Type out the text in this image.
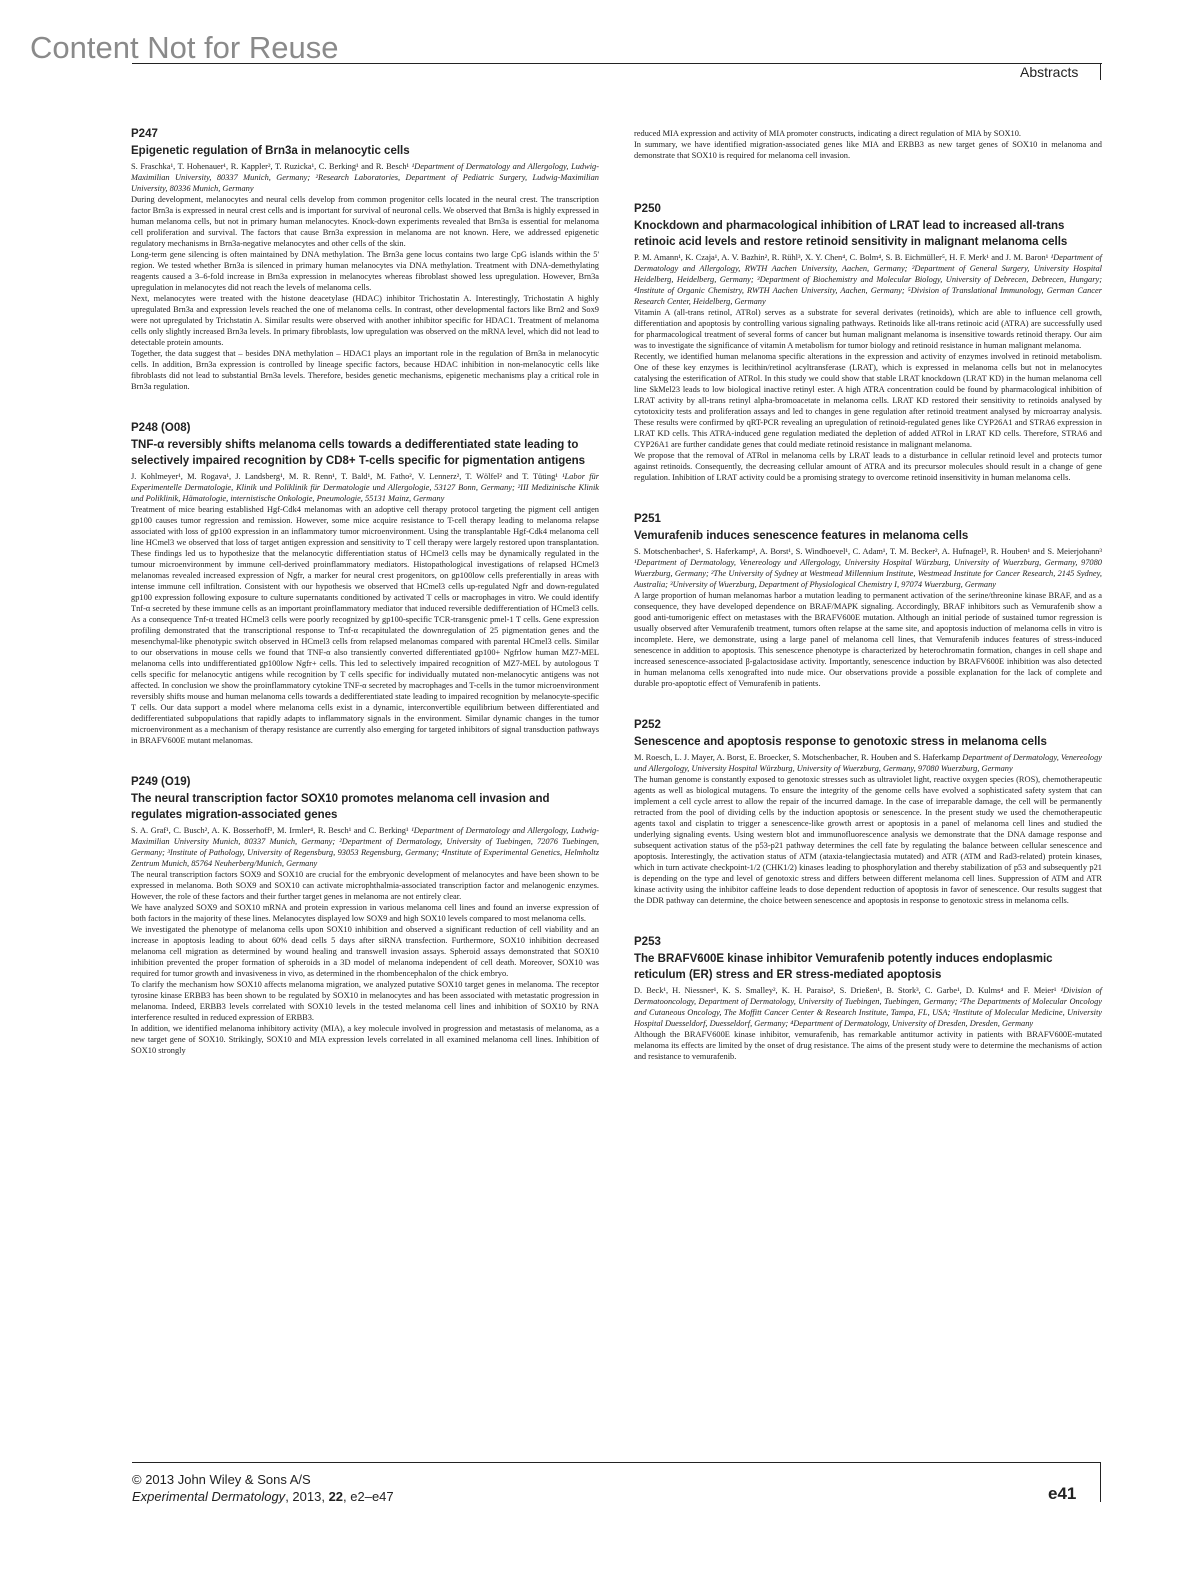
Content Not for Reuse
Abstracts
P247
Epigenetic regulation of Brn3a in melanocytic cells

S. Fraschka¹, T. Hohenauer¹, R. Kappler², T. Ruzicka¹, C. Berking¹ and R. Besch¹ ¹Department of Dermatology and Allergology, Ludwig-Maximilian University, 80337 Munich, Germany; ²Research Laboratories, Department of Pediatric Surgery, Ludwig-Maximilian University, 80336 Munich, Germany

During development, melanocytes and neural cells develop from common progenitor cells located in the neural crest. The transcription factor Brn3a is expressed in neural crest cells and is important for survival of neuronal cells. We observed that Brn3a is highly expressed in human melanoma cells, but not in primary human melanocytes. Knock-down experiments revealed that Brn3a is essential for melanoma cell proliferation and survival. The factors that cause Brn3a expression in melanoma are not known. Here, we addressed epigenetic regulatory mechanisms in Brn3a-negative melanocytes and other cells of the skin.

Long-term gene silencing is often maintained by DNA methylation. The Brn3a gene locus contains two large CpG islands within the 5' region. We tested whether Brn3a is silenced in primary human melanocytes via DNA methylation. Treatment with DNA-demethylating reagents caused a 3–6-fold increase in Brn3a expression in melanocytes whereas fibroblast showed less upregulation. However, Brn3a upregulation in melanocytes did not reach the levels of melanoma cells.

Next, melanocytes were treated with the histone deacetylase (HDAC) inhibitor Trichostatin A. Interestingly, Trichostatin A highly upregulated Brn3a and expression levels reached the one of melanoma cells. In contrast, other developmental factors like Brn2 and Sox9 were not upregulated by Trichstatin A. Similar results were observed with another inhibitor specific for HDAC1. Treatment of melanoma cells only slightly increased Brn3a levels. In primary fibroblasts, low upregulation was observed on the mRNA level, which did not lead to detectable protein amounts.

Together, the data suggest that – besides DNA methylation – HDAC1 plays an important role in the regulation of Brn3a in melanocytic cells. In addition, Brn3a expression is controlled by lineage specific factors, because HDAC inhibition in non-melanocytic cells like fibroblasts did not lead to substantial Brn3a levels. Therefore, besides genetic mechanisms, epigenetic mechanisms play a critical role in Brn3a regulation.

P248 (O08)
TNF-α reversibly shifts melanoma cells towards a dedifferentiated state leading to selectively impaired recognition by CD8+ T-cells specific for pigmentation antigens

J. Kohlmeyer¹, M. Rogava¹, J. Landsberg¹, M. R. Renn¹, T. Bald¹, M. Fatho², V. Lennerz², T. Wölfel² and T. Tüting¹ ¹Labor für Experimentelle Dermatologie, Klinik und Poliklinik für Dermatologie und Allergologie, 53127 Bonn, Germany; ²III Medizinische Klinik und Poliklinik, Hämatologie, internistische Onkologie, Pneumologie, 55131 Mainz, Germany

Treatment of mice bearing established Hgf-Cdk4 melanomas with an adoptive cell therapy protocol targeting the pigment cell antigen gp100 causes tumor regression and remission. However, some mice acquire resistance to T-cell therapy leading to melanoma relapse associated with loss of gp100 expression in an inflammatory tumor microenvironment. Using the transplantable Hgf-Cdk4 melanoma cell line HCmel3 we observed that loss of target antigen expression and sensitivity to T cell therapy were largely restored upon transplantation. These findings led us to hypothesize that the melanocytic differentiation status of HCmel3 cells may be dynamically regulated in the tumour microenvironment by immune cell-derived proinflammatory mediators. Histopathological investigations of relapsed HCmel3 melanomas revealed increased expression of Ngfr, a marker for neural crest progenitors, on gp100low cells preferentially in areas with intense immune cell infiltration. Consistent with our hypothesis we observed that HCmel3 cells up-regulated Ngfr and down-regulated gp100 expression following exposure to culture supernatants conditioned by activated T cells or macrophages in vitro. We could identify Tnf-α secreted by these immune cells as an important proinflammatory mediator that induced reversible dedifferentiation of HCmel3 cells. As a consequence Tnf-α treated HCmel3 cells were poorly recognized by gp100-specific TCR-transgenic pmel-1 T cells. Gene expression profiling demonstrated that the transcriptional response to Tnf-α recapitulated the downregulation of 25 pigmentation genes and the mesenchymal-like phenotypic switch observed in HCmel3 cells from relapsed melanomas compared with parental HCmel3 cells. Similar to our observations in mouse cells we found that TNF-α also transiently converted differentiated gp100+ Ngfrlow human MZ7-MEL melanoma cells into undifferentiated gp100low Ngfr+ cells. This led to selectively impaired recognition of MZ7-MEL by autologous T cells specific for melanocytic antigens while recognition by T cells specific for individually mutated non-melanocytic antigens was not affected. In conclusion we show the proinflammatory cytokine TNF-α secreted by macrophages and T-cells in the tumor microenvironment reversibly shifts mouse and human melanoma cells towards a dedifferentiated state leading to impaired recognition by melanocyte-specific T cells. Our data support a model where melanoma cells exist in a dynamic, interconvertible equilibrium between differentiated and dedifferentiated subpopulations that rapidly adapts to inflammatory signals in the environment. Similar dynamic changes in the tumor microenvironment as a mechanism of therapy resistance are currently also emerging for targeted inhibitors of signal transduction pathways in BRAFV600E mutant melanomas.

P249 (O19)
The neural transcription factor SOX10 promotes melanoma cell invasion and regulates migration-associated genes

S. A. Graf¹, C. Busch², A. K. Bosserhoff³, M. Irmler⁴, R. Besch¹ and C. Berking¹ ¹Department of Dermatology and Allergology, Ludwig-Maximilian University Munich, 80337 Munich, Germany; ²Department of Dermatology, University of Tuebingen, 72076 Tuebingen, Germany; ³Institute of Pathology, University of Regensburg, 93053 Regensburg, Germany; ⁴Institute of Experimental Genetics, Helmholtz Zentrum Munich, 85764 Neuherberg/Munich, Germany

The neural transcription factors SOX9 and SOX10 are crucial for the embryonic development of melanocytes and have been shown to be expressed in melanoma. Both SOX9 and SOX10 can activate microphthalmia-associated transcription factor and melanogenic enzymes. However, the role of these factors and their further target genes in melanoma are not entirely clear.

We have analyzed SOX9 and SOX10 mRNA and protein expression in various melanoma cell lines and found an inverse expression of both factors in the majority of these lines. Melanocytes displayed low SOX9 and high SOX10 levels compared to most melanoma cells.

We investigated the phenotype of melanoma cells upon SOX10 inhibition and observed a significant reduction of cell viability and an increase in apoptosis leading to about 60% dead cells 5 days after siRNA transfection. Furthermore, SOX10 inhibition decreased melanoma cell migration as determined by wound healing and transwell invasion assays. Spheroid assays demonstrated that SOX10 inhibition prevented the proper formation of spheroids in a 3D model of melanoma independent of cell death. Moreover, SOX10 was required for tumor growth and invasiveness in vivo, as determined in the rhombencephalon of the chick embryo.

To clarify the mechanism how SOX10 affects melanoma migration, we analyzed putative SOX10 target genes in melanoma. The receptor tyrosine kinase ERBB3 has been shown to be regulated by SOX10 in melanocytes and has been associated with metastatic progression in melanoma. Indeed, ERBB3 levels correlated with SOX10 levels in the tested melanoma cell lines and inhibition of SOX10 by RNA interference resulted in reduced expression of ERBB3.

In addition, we identified melanoma inhibitory activity (MIA), a key molecule involved in progression and metastasis of melanoma, as a new target gene of SOX10. Strikingly, SOX10 and MIA expression levels correlated in all examined melanoma cell lines. Inhibition of SOX10 strongly

reduced MIA expression and activity of MIA promoter constructs, indicating a direct regulation of MIA by SOX10.

In summary, we have identified migration-associated genes like MIA and ERBB3 as new target genes of SOX10 in melanoma and demonstrate that SOX10 is required for melanoma cell invasion.

P250
Knockdown and pharmacological inhibition of LRAT lead to increased all-trans retinoic acid levels and restore retinoid sensitivity in malignant melanoma cells

P. M. Amann¹, K. Czaja¹, A. V. Bazhin², R. Rühl³, X. Y. Chen⁴, C. Bolm⁴, S. B. Eichmüller⁵, H. F. Merk¹ and J. M. Baron¹ ¹Department of Dermatology and Allergology, RWTH Aachen University, Aachen, Germany; ²Department of General Surgery, University Hospital Heidelberg, Heidelberg, Germany; ³Department of Biochemistry and Molecular Biology, University of Debrecen, Debrecen, Hungary; ⁴Institute of Organic Chemistry, RWTH Aachen University, Aachen, Germany; ⁵Division of Translational Immunology, German Cancer Research Center, Heidelberg, Germany

Vitamin A (all-trans retinol, ATRol) serves as a substrate for several derivates (retinoids), which are able to influence cell growth, differentiation and apoptosis by controlling various signaling pathways. Retinoids like all-trans retinoic acid (ATRA) are successfully used for pharmacological treatment of several forms of cancer but human malignant melanoma is insensitive towards retinoid therapy. Our aim was to investigate the significance of vitamin A metabolism for tumor biology and retinoid resistance in human malignant melanoma.

Recently, we identified human melanoma specific alterations in the expression and activity of enzymes involved in retinoid metabolism. One of these key enzymes is lecithin/retinol acyltransferase (LRAT), which is expressed in melanoma cells but not in melanocytes catalysing the esterification of ATRol. In this study we could show that stable LRAT knockdown (LRAT KD) in the human melanoma cell line SkMel23 leads to low biological inactive retinyl ester. A high ATRA concentration could be found by pharmacological inhibition of LRAT activity by all-trans retinyl alpha-bromoacetate in melanoma cells. LRAT KD restored their sensitivity to retinoids analysed by cytotoxicity tests and proliferation assays and led to changes in gene regulation after retinoid treatment analysed by microarray analysis. These results were confirmed by qRT-PCR revealing an upregulation of retinoid-regulated genes like CYP26A1 and STRA6 expression in LRAT KD cells. This ATRA-induced gene regulation mediated the depletion of added ATRol in LRAT KD cells. Therefore, STRA6 and CYP26A1 are further candidate genes that could mediate retinoid resistance in malignant melanoma.

We propose that the removal of ATRol in melanoma cells by LRAT leads to a disturbance in cellular retinoid level and protects tumor against retinoids. Consequently, the decreasing cellular amount of ATRA and its precursor molecules should result in a change of gene regulation. Inhibition of LRAT activity could be a promising strategy to overcome retinoid insensitivity in human melanoma cells.

P251
Vemurafenib induces senescence features in melanoma cells

S. Motschenbacher¹, S. Haferkamp¹, A. Borst¹, S. Windhoevel¹, C. Adam¹, T. M. Becker², A. Hufnagel³, R. Houben¹ and S. Meierjohann³ ¹Department of Dermatology, Venereology und Allergology, University Hospital Würzburg, University of Wuerzburg, Germany, 97080 Wuerzburg, Germany; ²The University of Sydney at Westmead Millennium Institute, Westmead Institute for Cancer Research, 2145 Sydney, Australia; ³University of Wuerzburg, Department of Physiological Chemistry I, 97074 Wuerzburg, Germany

A large proportion of human melanomas harbor a mutation leading to permanent activation of the serine/threonine kinase BRAF, and as a consequence, they have developed dependence on BRAF/MAPK signaling. Accordingly, BRAF inhibitors such as Vemurafenib show a good anti-tumorigenic effect on metastases with the BRAFV600E mutation. Although an initial periode of sustained tumor regression is usually observed after Vemurafenib treatment, tumors often relapse at the same site, and apoptosis induction of melanoma cells in vitro is incomplete. Here, we demonstrate, using a large panel of melanoma cell lines, that Vemurafenib induces features of stress-induced senescence in addition to apoptosis. This senescence phenotype is characterized by heterochromatin formation, changes in cell shape and increased senescence-associated β-galactosidase activity. Importantly, senescence induction by BRAFV600E inhibition was also detected in human melanoma cells xenografted into nude mice. Our observations provide a possible explanation for the lack of complete and durable pro-apoptotic effect of Vemurafenib in patients.

P252
Senescence and apoptosis response to genotoxic stress in melanoma cells

M. Roesch, L. J. Mayer, A. Borst, E. Broecker, S. Motschenbacher, R. Houben and S. Haferkamp Department of Dermatology, Venereology und Allergology, University Hospital Würzburg, University of Wuerzburg, Germany, 97080 Wuerzburg, Germany

The human genome is constantly exposed to genotoxic stresses such as ultraviolet light, reactive oxygen species (ROS), chemotherapeutic agents as well as biological mutagens. To ensure the integrity of the genome cells have evolved a sophisticated safety system that can implement a cell cycle arrest to allow the repair of the incurred damage. In the case of irreparable damage, the cell will be permanently retracted from the pool of dividing cells by the induction apoptosis or senescence. In the present study we used the chemotherapeutic agents taxol and cisplatin to trigger a senescence-like growth arrest or apoptosis in a panel of melanoma cell lines and studied the underlying signaling events. Using western blot and immunofluorescence analysis we demonstrate that the DNA damage response and subsequent activation status of the p53-p21 pathway determines the cell fate by regulating the balance between cellular senescence and apoptosis. Interestingly, the activation status of ATM (ataxia-telangiectasia mutated) and ATR (ATM and Rad3-related) protein kinases, which in turn activate checkpoint-1/2 (CHK1/2) kinases leading to phosphorylation and thereby stabilization of p53 and subsequently p21 is depending on the type and level of genotoxic stress and differs between different melanoma cell lines. Suppression of ATM and ATR kinase activity using the inhibitor caffeine leads to dose dependent reduction of apoptosis in favor of senescence. Our results suggest that the DDR pathway can determine, the choice between senescence and apoptosis in response to genotoxic stress in melanoma cells.

P253
The BRAFV600E kinase inhibitor Vemurafenib potently induces endoplasmic reticulum (ER) stress and ER stress-mediated apoptosis

D. Beck¹, H. Niessner¹, K. S. Smalley², K. H. Paraiso², S. Drießen¹, B. Stork³, C. Garbe¹, D. Kulms⁴ and F. Meier¹ ¹Division of Dermatooncology, Department of Dermatology, University of Tuebingen, Tuebingen, Germany; ²The Departments of Molecular Oncology and Cutaneous Oncology, The Moffitt Cancer Center & Research Institute, Tampa, FL, USA; ³Institute of Molecular Medicine, University Hospital Duesseldorf, Duesseldorf, Germany; ⁴Department of Dermatology, University of Dresden, Dresden, Germany

Although the BRAFV600E kinase inhibitor, vemurafenib, has remarkable antitumor activity in patients with BRAFV600E-mutated melanoma its effects are limited by the onset of drug resistance. The aims of the present study were to determine the mechanisms of action and resistance to vemurafenib.

© 2013 John Wiley & Sons A/S
Experimental Dermatology, 2013, 22, e2–e47	e41
